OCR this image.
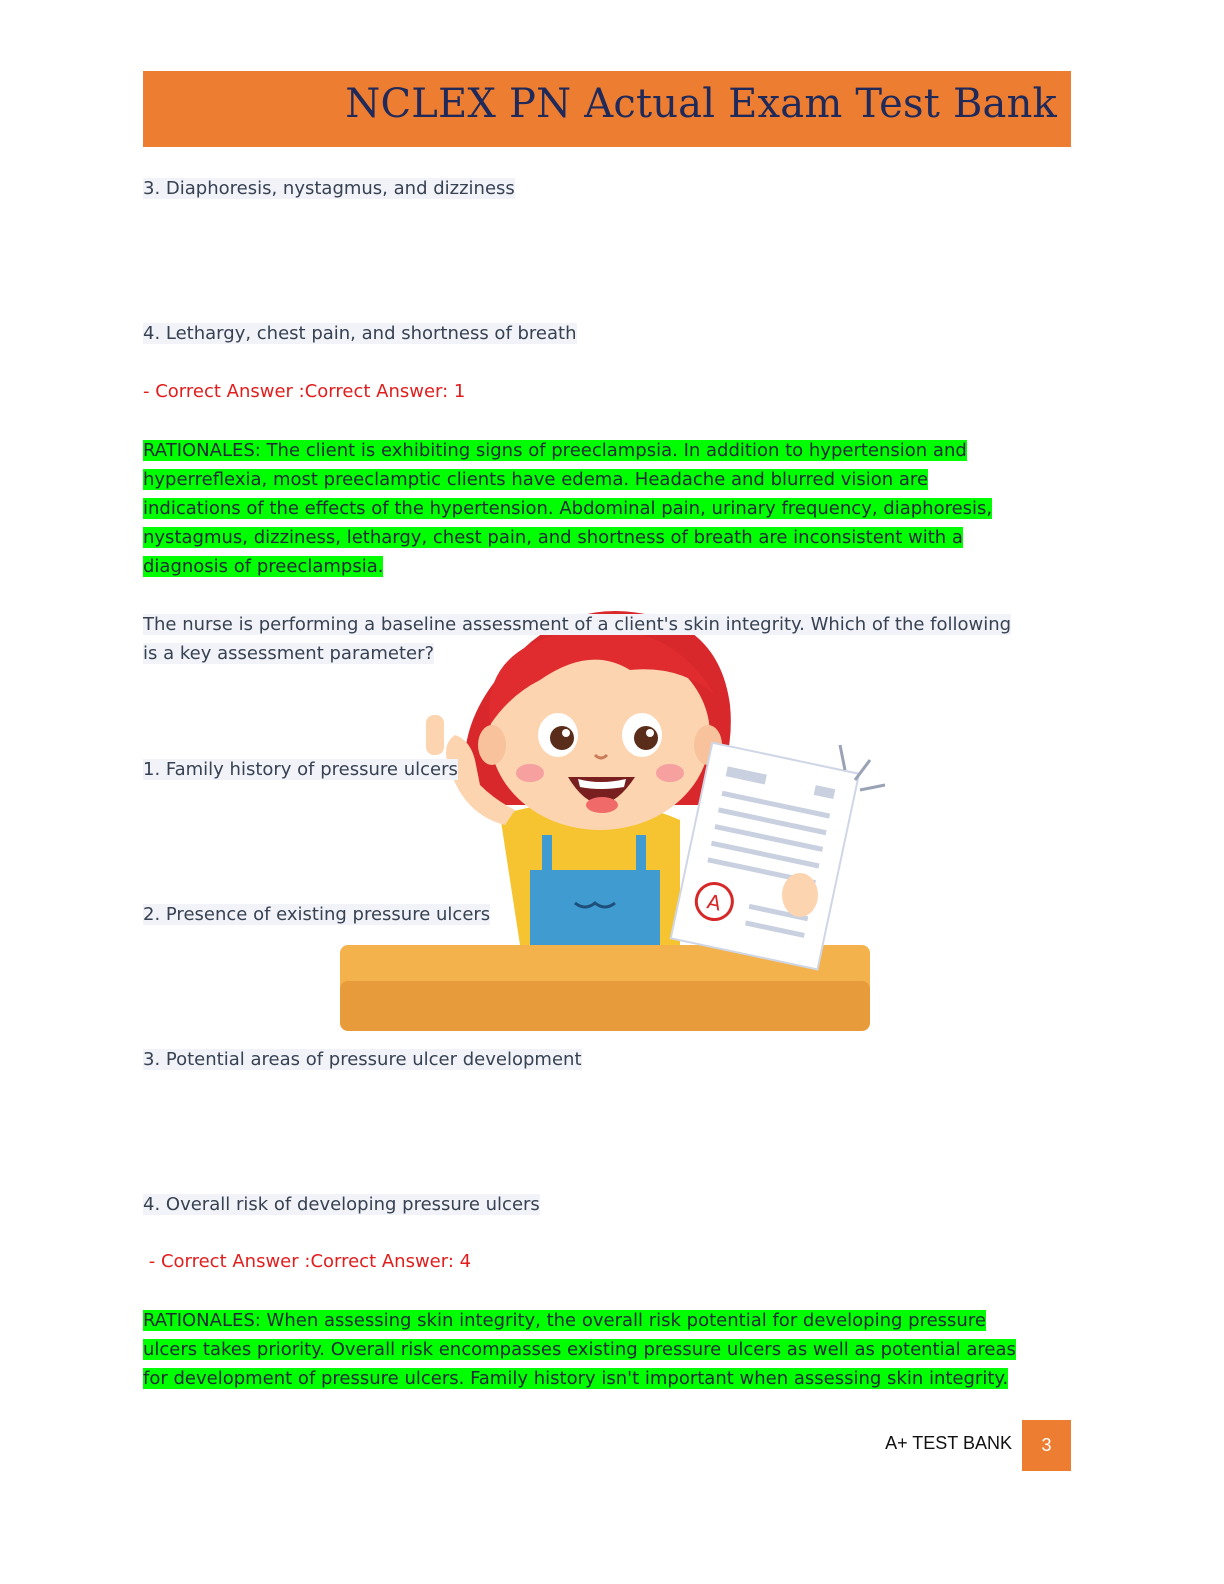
NCLEX PN Actual Exam Test Bank
3. Diaphoresis, nystagmus, and dizziness
4. Lethargy, chest pain, and shortness of breath
- Correct Answer :Correct Answer: 1
RATIONALES: The client is exhibiting signs of preeclampsia. In addition to hypertension and
hyperreflexia, most preeclamptic clients have edema. Headache and blurred vision are
indications of the effects of the hypertension. Abdominal pain, urinary frequency, diaphoresis,
nystagmus, dizziness, lethargy, chest pain, and shortness of breath are inconsistent with a
diagnosis of preeclampsia.
A
The nurse is performing a baseline assessment of a client's skin integrity. Which of the following
is a key assessment parameter?
1. Family history of pressure ulcers
2. Presence of existing pressure ulcers
3. Potential areas of pressure ulcer development
4. Overall risk of developing pressure ulcers
- Correct Answer :Correct Answer: 4
RATIONALES: When assessing skin integrity, the overall risk potential for developing pressure
ulcers takes priority. Overall risk encompasses existing pressure ulcers as well as potential areas
for development of pressure ulcers. Family history isn't important when assessing skin integrity.
A+ TEST BANK	3
